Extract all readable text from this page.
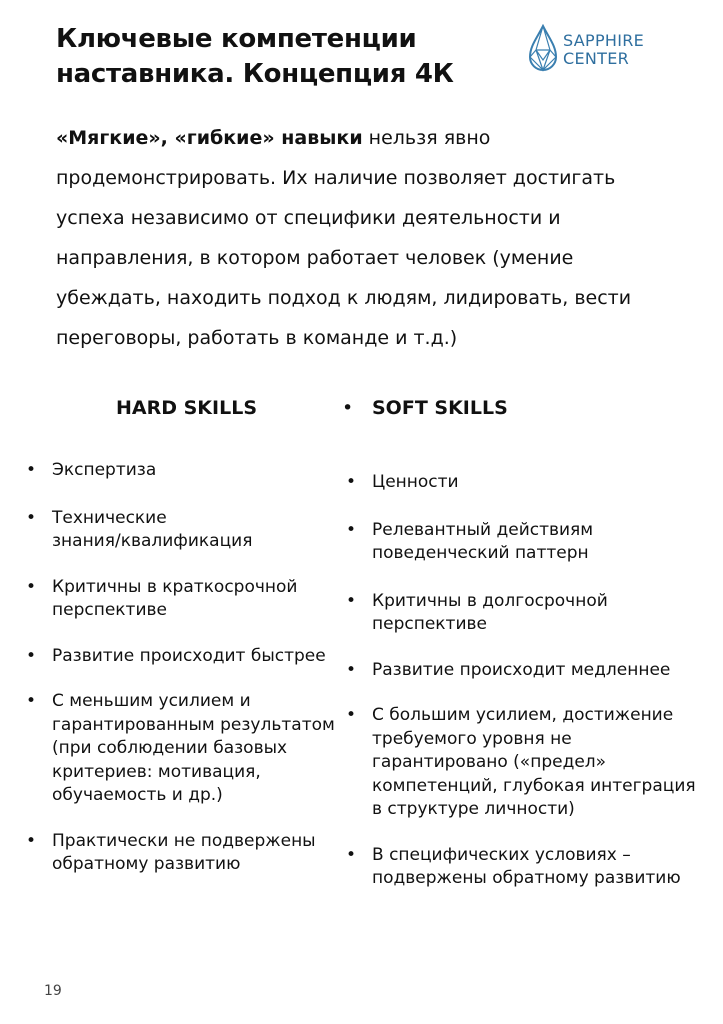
Ключевые компетенции
наставника. Концепция 4К
SAPPHIRE
CENTER
«Мягкие», «гибкие» навыки нельзя явно
продемонстрировать. Их наличие позволяет достигать
успеха независимо от специфики деятельности и
направления, в котором работает человек (умение
убеждать, находить подход к людям, лидировать, вести
переговоры, работать в команде и т.д.)
HARD SKILLS	• SOFT SKILLS
• Экспертиза
• Технические
знания/квалификация
• Критичны в краткосрочной
перспективе
• Развитие происходит быстрее
• С меньшим усилием и
гарантированным результатом
(при соблюдении базовых
критериев: мотивация,
обучаемость и др.)
• Практически не подвержены
обратному развитию
• Ценности
• Релевантный действиям
поведенческий паттерн
• Критичны в долгосрочной
перспективе
• Развитие происходит медленнее
• С большим усилием, достижение
требуемого уровня не
гарантировано («предел»
компетенций, глубокая интеграция
в структуре личности)
• В специфических условиях –
подвержены обратному развитию
19
